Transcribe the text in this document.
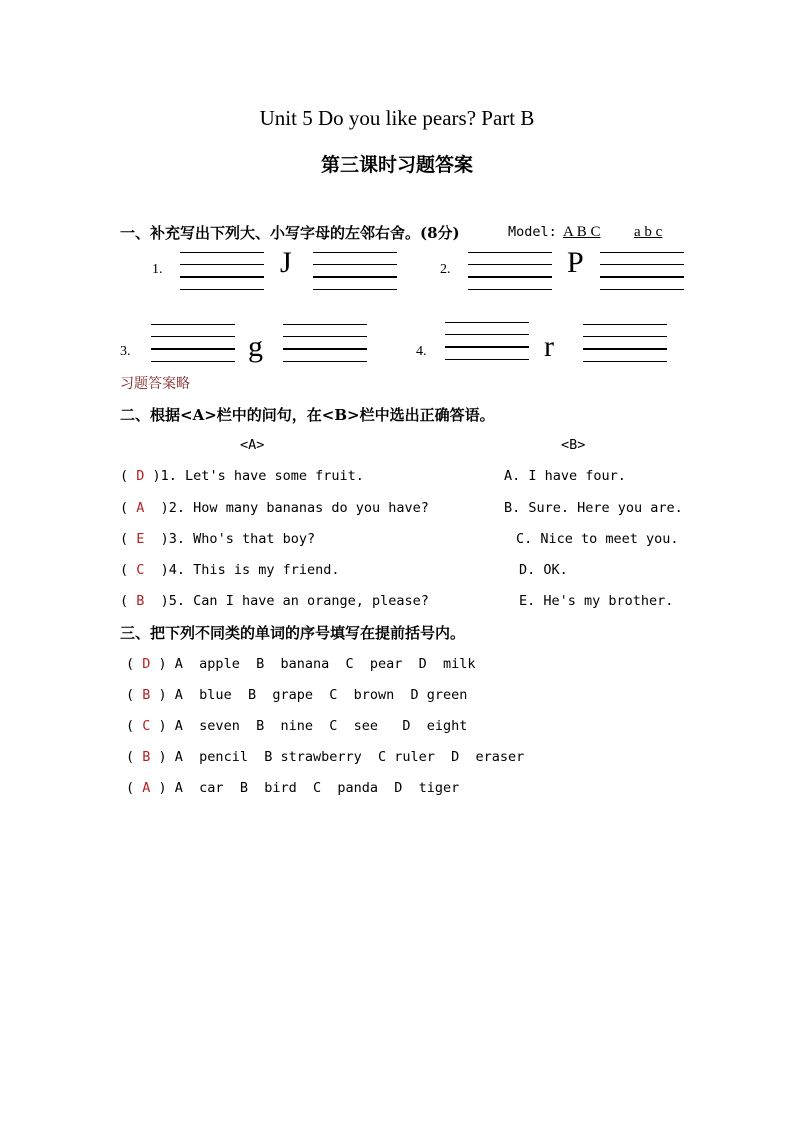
Unit 5 Do you like pears? Part B
第三课时习题答案
一、补充写出下列大、小写字母的左邻右舍。(8分)	Model: A B C a b c
1.	J	2.	P
3.	g	4.	r
习题答案略
二、根据<A>栏中的问句，在<B>栏中选出正确答语。
<A>	<B>
( D )1. Let's have some fruit.	A. I have four.
( A  )2. How many bananas do you have?	B. Sure. Here you are.
( E  )3. Who's that boy?	C. Nice to meet you.
( C  )4. This is my friend.	D. OK.
( B  )5. Can I have an orange, please?	E. He's my brother.
三、把下列不同类的单词的序号填写在提前括号内。
( D ) A  apple  B  banana  C  pear  D  milk
( B ) A  blue  B  grape  C  brown  D green
( C ) A  seven  B  nine  C  see   D  eight
( B ) A  pencil  B strawberry  C ruler  D  eraser
( A ) A  car  B  bird  C  panda  D  tiger
